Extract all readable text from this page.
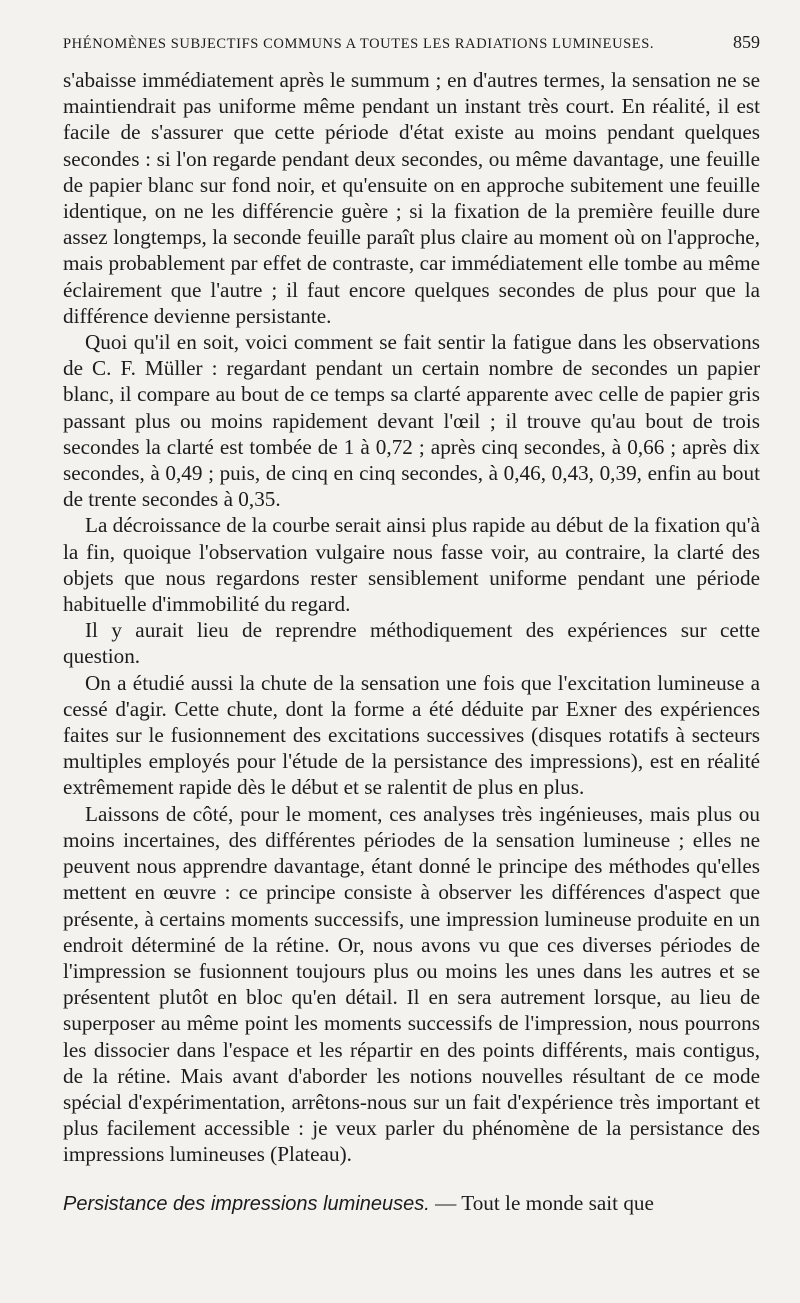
PHÉNOMÈNES SUBJECTIFS COMMUNS A TOUTES LES RADIATIONS LUMINEUSES.	859

s'abaisse immédiatement après le summum ; en d'autres termes, la sensation ne se maintiendrait pas uniforme même pendant un instant très court. En réalité, il est facile de s'assurer que cette période d'état existe au moins pendant quelques secondes : si l'on regarde pendant deux secondes, ou même davantage, une feuille de papier blanc sur fond noir, et qu'ensuite on en approche subitement une feuille identique, on ne les différencie guère ; si la fixation de la première feuille dure assez longtemps, la seconde feuille paraît plus claire au moment où on l'approche, mais probablement par effet de contraste, car immédiatement elle tombe au même éclairement que l'autre ; il faut encore quelques secondes de plus pour que la différence devienne persistante.

Quoi qu'il en soit, voici comment se fait sentir la fatigue dans les observations de C. F. Müller : regardant pendant un certain nombre de secondes un papier blanc, il compare au bout de ce temps sa clarté apparente avec celle de papier gris passant plus ou moins rapidement devant l'œil ; il trouve qu'au bout de trois secondes la clarté est tombée de 1 à 0,72 ; après cinq secondes, à 0,66 ; après dix secondes, à 0,49 ; puis, de cinq en cinq secondes, à 0,46, 0,43, 0,39, enfin au bout de trente secondes à 0,35.

La décroissance de la courbe serait ainsi plus rapide au début de la fixation qu'à la fin, quoique l'observation vulgaire nous fasse voir, au contraire, la clarté des objets que nous regardons rester sensiblement uniforme pendant une période habituelle d'immobilité du regard.

Il y aurait lieu de reprendre méthodiquement des expériences sur cette question.

On a étudié aussi la chute de la sensation une fois que l'excitation lumineuse a cessé d'agir. Cette chute, dont la forme a été déduite par Exner des expériences faites sur le fusionnement des excitations successives (disques rotatifs à secteurs multiples employés pour l'étude de la persistance des impressions), est en réalité extrêmement rapide dès le début et se ralentit de plus en plus.

Laissons de côté, pour le moment, ces analyses très ingénieuses, mais plus ou moins incertaines, des différentes périodes de la sensation lumineuse ; elles ne peuvent nous apprendre davantage, étant donné le principe des méthodes qu'elles mettent en œuvre : ce principe consiste à observer les différences d'aspect que présente, à certains moments successifs, une impression lumineuse produite en un endroit déterminé de la rétine. Or, nous avons vu que ces diverses périodes de l'impression se fusionnent toujours plus ou moins les unes dans les autres et se présentent plutôt en bloc qu'en détail. Il en sera autrement lorsque, au lieu de superposer au même point les moments successifs de l'impression, nous pourrons les dissocier dans l'espace et les répartir en des points différents, mais contigus, de la rétine. Mais avant d'aborder les notions nouvelles résultant de ce mode spécial d'expérimentation, arrêtons-nous sur un fait d'expérience très important et plus facilement accessible : je veux parler du phénomène de la persistance des impressions lumineuses (Plateau).

Persistance des impressions lumineuses. — Tout le monde sait que
